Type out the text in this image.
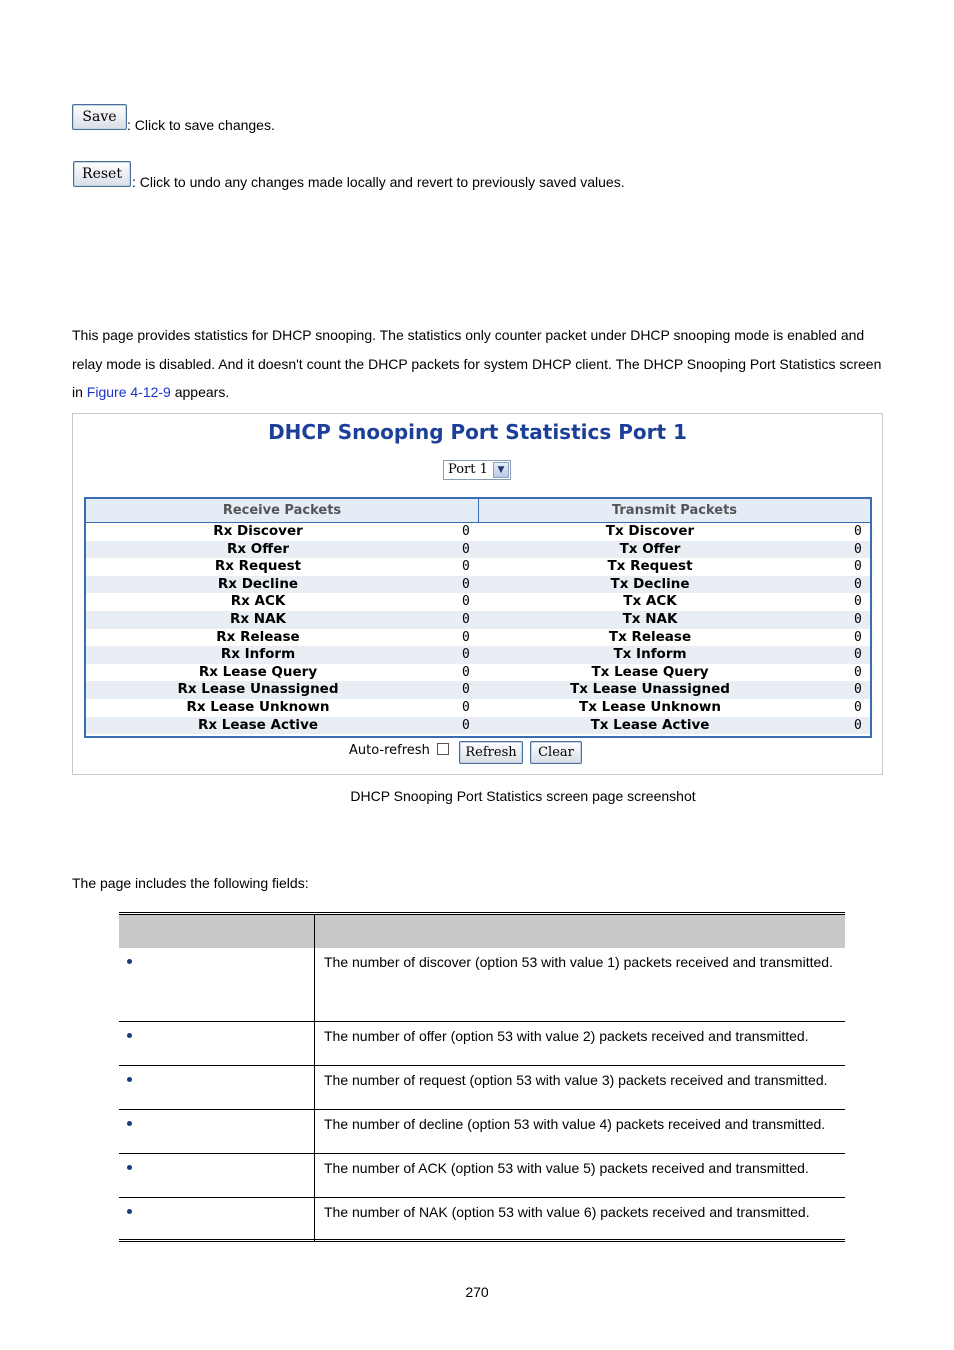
Save : Click to save changes.
Reset : Click to undo any changes made locally and revert to previously saved values.
This page provides statistics for DHCP snooping. The statistics only counter packet under DHCP snooping mode is enabled and relay mode is disabled. And it doesn't count the DHCP packets for system DHCP client. The DHCP Snooping Port Statistics screen in Figure 4-12-9 appears.
DHCP Snooping Port Statistics Port 1
Port 1	▼
Receive Packets	Transmit Packets
Rx Discover	0	Tx Discover	0
Rx Offer	0	Tx Offer	0
Rx Request	0	Tx Request	0
Rx Decline	0	Tx Decline	0
Rx ACK	0	Tx ACK	0
Rx NAK	0	Tx NAK	0
Rx Release	0	Tx Release	0
Rx Inform	0	Tx Inform	0
Rx Lease Query	0	Tx Lease Query	0
Rx Lease Unassigned	0	Tx Lease Unassigned	0
Rx Lease Unknown	0	Tx Lease Unknown	0
Rx Lease Active	0	Tx Lease Active	0
Auto-refresh	Refresh	Clear
DHCP Snooping Port Statistics screen page screenshot
The page includes the following fields:

	The number of discover (option 53 with value 1) packets received and transmitted.
	The number of offer (option 53 with value 2) packets received and transmitted.
	The number of request (option 53 with value 3) packets received and transmitted.
	The number of decline (option 53 with value 4) packets received and transmitted.
	The number of ACK (option 53 with value 5) packets received and transmitted.
	The number of NAK (option 53 with value 6) packets received and transmitted.
270
